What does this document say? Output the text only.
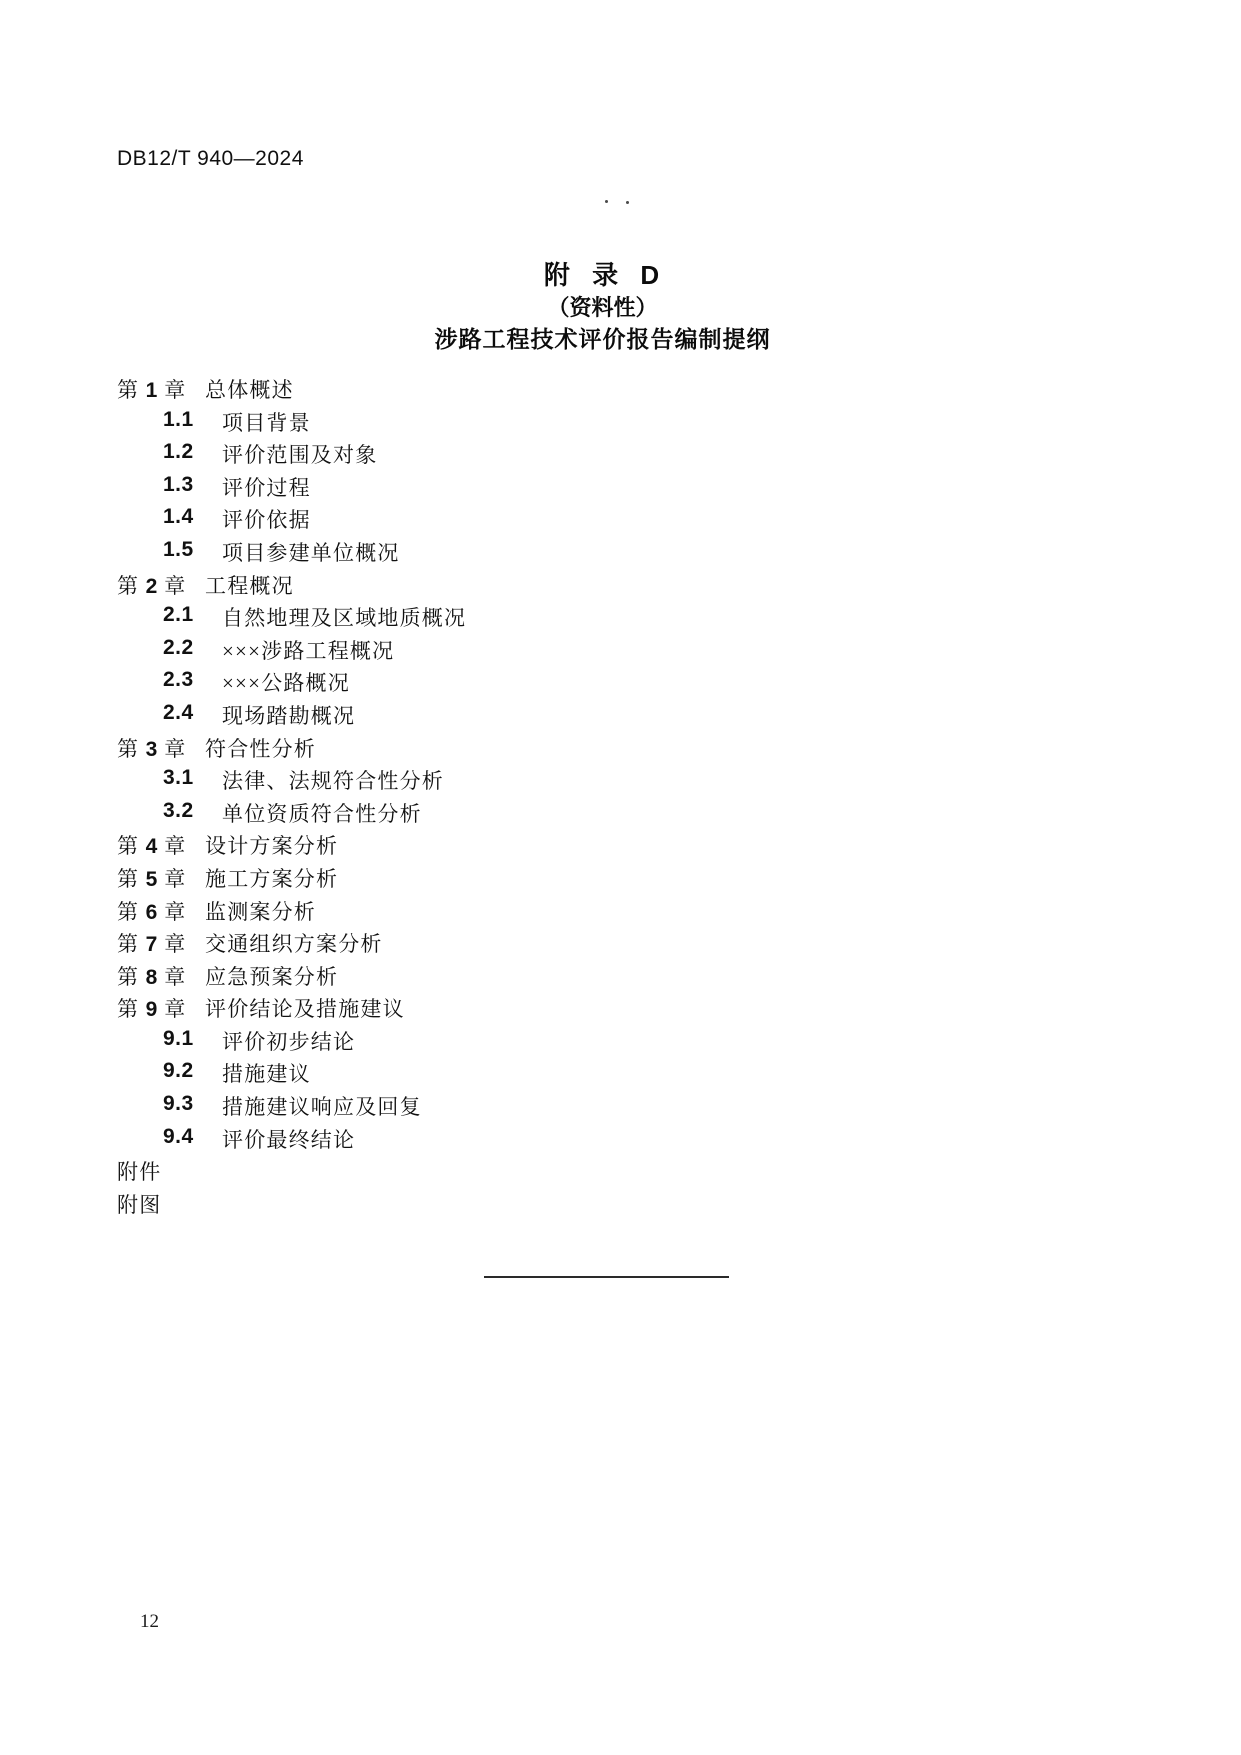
DB12/T 940—2024
附 录 D
（资料性）
涉路工程技术评价报告编制提纲
第 1 章 总体概述
1.1 项目背景
1.2 评价范围及对象
1.3 评价过程
1.4 评价依据
1.5 项目参建单位概况
第 2 章 工程概况
2.1 自然地理及区域地质概况
2.2 ×××涉路工程概况
2.3 ×××公路概况
2.4 现场踏勘概况
第 3 章 符合性分析
3.1 法律、法规符合性分析
3.2 单位资质符合性分析
第 4 章 设计方案分析
第 5 章 施工方案分析
第 6 章 监测案分析
第 7 章 交通组织方案分析
第 8 章 应急预案分析
第 9 章 评价结论及措施建议
9.1 评价初步结论
9.2 措施建议
9.3 措施建议响应及回复
9.4 评价最终结论
附件
附图
12
